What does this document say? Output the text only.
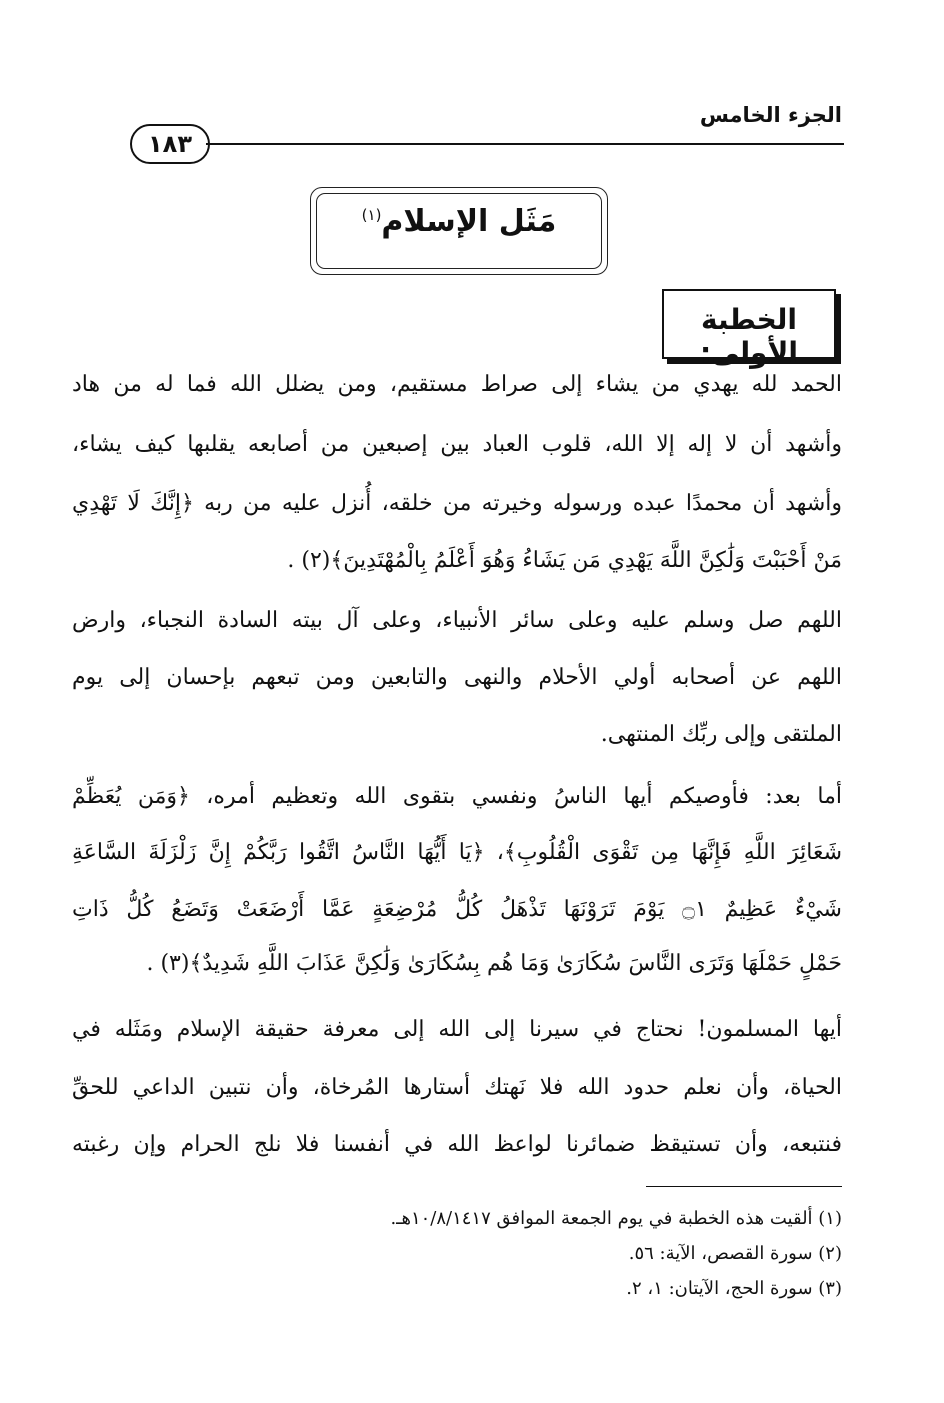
الجزء الخامس
١٨٣
مَثَل الإسلام$^{(١)}$
الخطبة الأولى:
الحمد لله يهدي من يشاء إلى صراط مستقيم، ومن يضلل الله فما له من هاد
وأشهد أن لا إله إلا الله، قلوب العباد بين إصبعين من أصابعه يقلبها كيف يشاء،
وأشهد أن محمدًا عبده ورسوله وخيرته من خلقه، أُنزل عليه من ربه ﴿إِنَّكَ لَا تَهْدِي
مَنْ أَحْبَبْتَ وَلَٰكِنَّ اللَّهَ يَهْدِي مَن يَشَاءُ وَهُوَ أَعْلَمُ بِالْمُهْتَدِينَ﴾(٢) .
اللهم صل وسلم عليه وعلى سائر الأنبياء، وعلى آل بيته السادة النجباء، وارض
اللهم عن أصحابه أولي الأحلام والنهى والتابعين ومن تبعهم بإحسان إلى يوم
الملتقى وإلى ربِّك المنتهى.
أما بعد: فأوصيكم أيها الناسُ ونفسي بتقوى الله وتعظيم أمره، ﴿وَمَن يُعَظِّمْ
شَعَائِرَ اللَّهِ فَإِنَّهَا مِن تَقْوَى الْقُلُوبِ﴾، ﴿يَا أَيُّهَا النَّاسُ اتَّقُوا رَبَّكُمْ إِنَّ زَلْزَلَةَ السَّاعَةِ
شَيْءٌ عَظِيمٌ ۝١ يَوْمَ تَرَوْنَهَا تَذْهَلُ كُلُّ مُرْضِعَةٍ عَمَّا أَرْضَعَتْ وَتَضَعُ كُلُّ ذَاتِ
حَمْلٍ حَمْلَهَا وَتَرَى النَّاسَ سُكَارَىٰ وَمَا هُم بِسُكَارَىٰ وَلَٰكِنَّ عَذَابَ اللَّهِ شَدِيدٌ﴾(٣) .
أيها المسلمون! نحتاج في سيرنا إلى الله إلى معرفة حقيقة الإسلام ومَثَله في
الحياة، وأن نعلم حدود الله فلا نَهتك أستارها المُرخاة، وأن نتبين الداعي للحقِّ
فنتبعه، وأن تستيقظ ضمائرنا لواعظ الله في أنفسنا فلا نلج الحرام وإن رغبته
(١) ألقيت هذه الخطبة في يوم الجمعة الموافق ١٠/٨/١٤١٧هـ.
(٢) سورة القصص، الآية: ٥٦.
(٣) سورة الحج، الآيتان: ١، ٢.
